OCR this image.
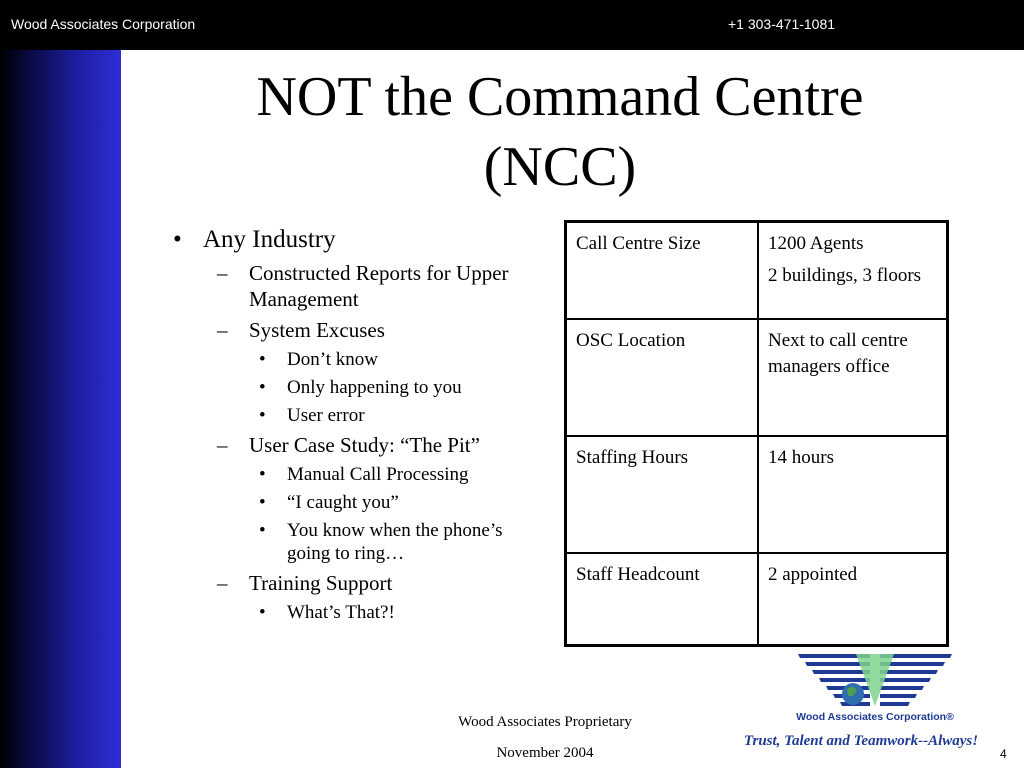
Wood Associates Corporation	+1 303-471-1081
NOT the Command Centre
(NCC)
• Any Industry
– Constructed Reports for Upper Management
– System Excuses
• Don’t know
• Only happening to you
• User error
– User Case Study: “The Pit”
• Manual Call Processing
• “I caught you”
• You know when the phone’s going to ring…
– Training Support
• What’s That?!
Call Centre Size	1200 Agents

2 buildings, 3 floors

OSC Location	Next to call centre managers office

Staffing Hours	14 hours

Staff Headcount	2 appointed

Wood Associates Proprietary
November 2004
Wood Associates Corporation®
Trust, Talent and Teamwork--Always!
4
